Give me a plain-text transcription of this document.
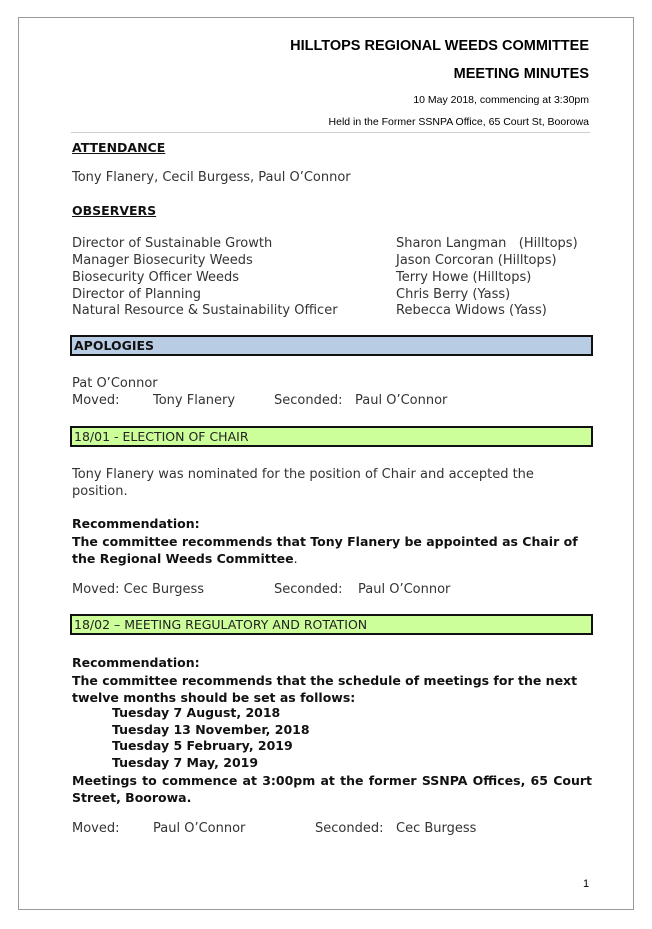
HILLTOPS REGIONAL WEEDS COMMITTEE
MEETING MINUTES
10 May 2018, commencing at 3:30pm
Held in the Former SSNPA Office, 65 Court St, Boorowa
ATTENDANCE
Tony Flanery, Cecil Burgess, Paul O’Connor
OBSERVERS
Director of Sustainable Growth	Sharon Langman   (Hilltops)
Manager Biosecurity Weeds	Jason Corcoran (Hilltops)
Biosecurity Officer Weeds	Terry Howe (Hilltops)
Director of Planning	Chris Berry (Yass)
Natural Resource & Sustainability Officer	Rebecca Widows (Yass)
APOLOGIES
Pat O’Connor
Moved:	Tony Flanery	Seconded: Paul O’Connor
18/01 - ELECTION OF CHAIR
Tony Flanery was nominated for the position of Chair and accepted the position.
Recommendation:
The committee recommends that Tony Flanery be appointed as Chair of the Regional Weeds Committee.
Moved: Cec Burgess	Seconded: Paul O’Connor
18/02 – MEETING REGULATORY AND ROTATION
Recommendation:
The committee recommends that the schedule of meetings for the next twelve months should be set as follows:
Tuesday 7 August, 2018
Tuesday 13 November, 2018
Tuesday 5 February, 2019
Tuesday 7 May, 2019
Meetings to commence at 3:00pm at the former SSNPA Offices, 65 Court Street, Boorowa.
Moved:	Paul O’Connor	Seconded: Cec Burgess
1
